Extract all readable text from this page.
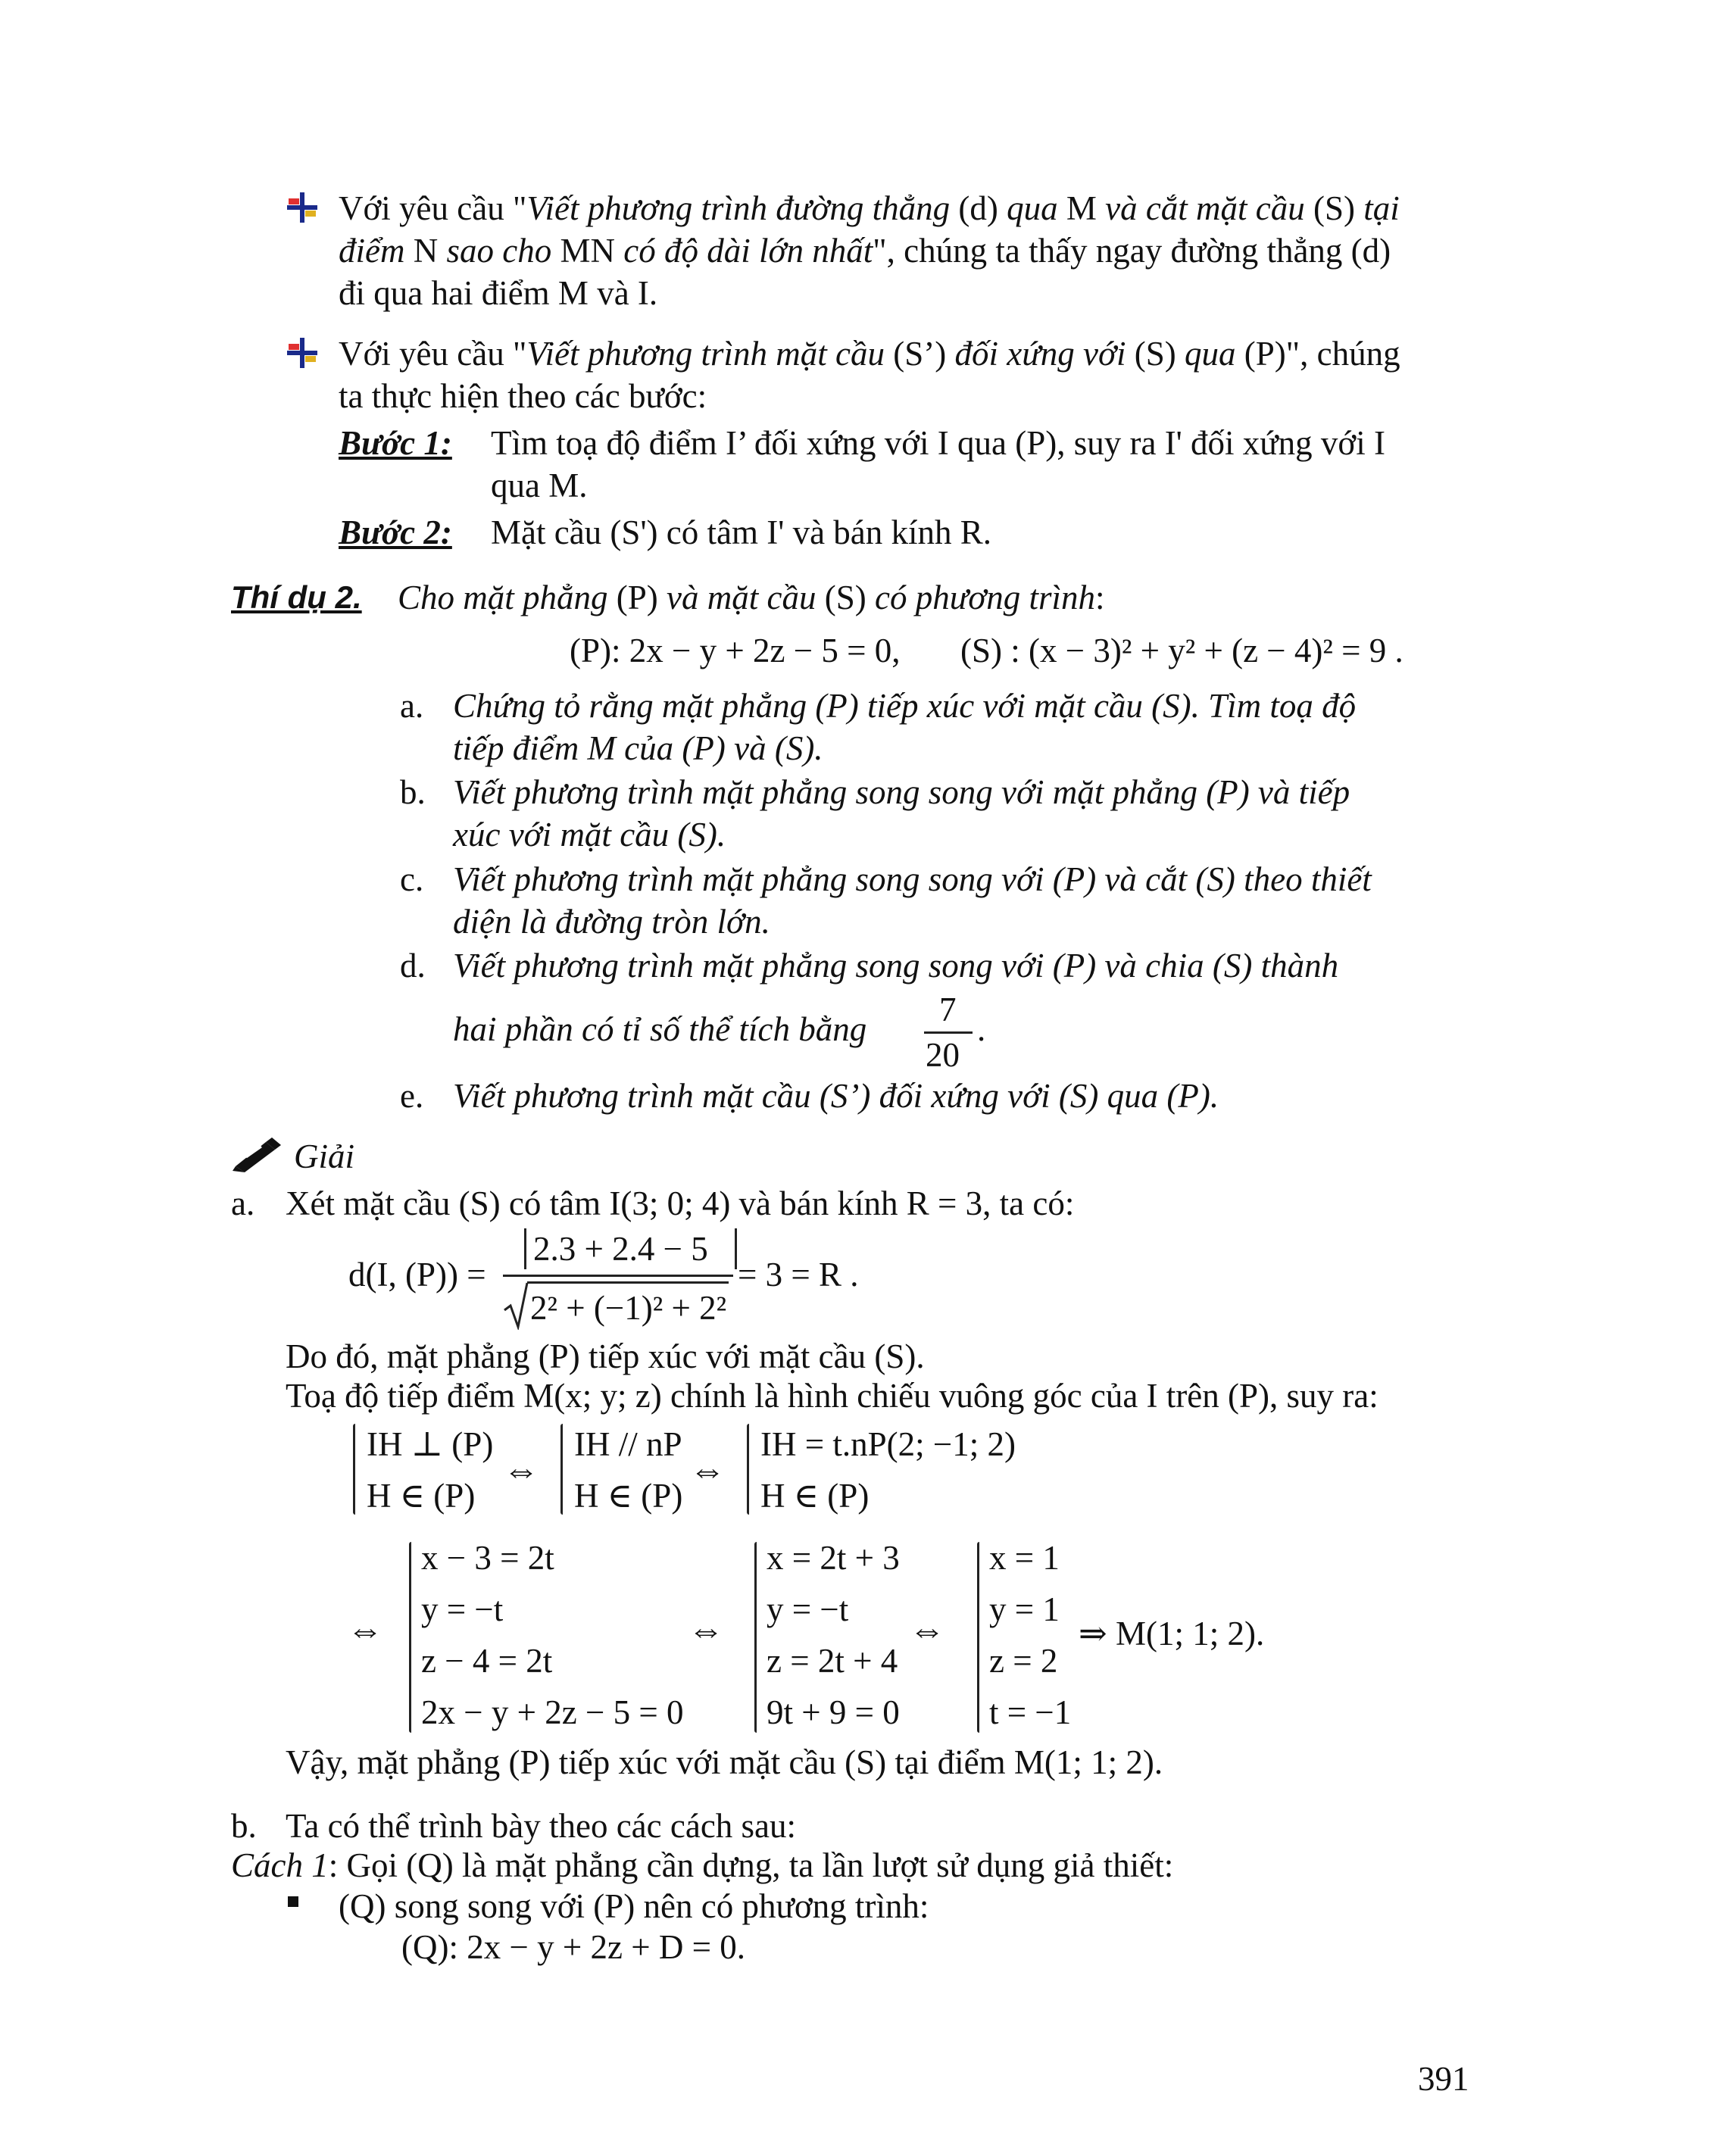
Với yêu cầu "Viết phương trình đường thẳng (d) qua M và cắt mặt cầu (S) tại
điểm N sao cho MN có độ dài lớn nhất", chúng ta thấy ngay đường thẳng (d)
đi qua hai điểm M và I.
Với yêu cầu "Viết phương trình mặt cầu (S’) đối xứng với (S) qua (P)", chúng
ta thực hiện theo các bước:
Bước 1: Tìm toạ độ điểm I’ đối xứng với I qua (P), suy ra I' đối xứng với I
qua M.
Bước 2: Mặt cầu (S') có tâm I' và bán kính R.
Thí dụ 2. Cho mặt phẳng (P) và mặt cầu (S) có phương trình:
(P): 2x − y + 2z − 5 = 0, (S) : (x − 3)² + y² + (z − 4)² = 9 .
a. Chứng tỏ rằng mặt phẳng (P) tiếp xúc với mặt cầu (S). Tìm toạ độ
tiếp điểm M của (P) và (S).
b. Viết phương trình mặt phẳng song song với mặt phẳng (P) và tiếp
xúc với mặt cầu (S).
c. Viết phương trình mặt phẳng song song với (P) và cắt (S) theo thiết
diện là đường tròn lớn.
d. Viết phương trình mặt phẳng song song với (P) và chia (S) thành
hai phần có tỉ số thể tích bằng
7
20
.
e. Viết phương trình mặt cầu (S’) đối xứng với (S) qua (P).
Giải
a. Xét mặt cầu (S) có tâm I(3; 0; 4) và bán kính R = 3, ta có:
d(I, (P)) =
2.3 + 2.4 − 5
2² + (−1)² + 2²
= 3 = R .
Do đó, mặt phẳng (P) tiếp xúc với mặt cầu (S).
Toạ độ tiếp điểm M(x; y; z) chính là hình chiếu vuông góc của I trên (P), suy ra:
IH ⊥ (P)
H ∈ (P)
⇔
IH // nP
H ∈ (P)
⇔
IH = t.nP(2; −1; 2)
H ∈ (P)
⇔
x − 3 = 2t
y = −t
z − 4 = 2t
2x − y + 2z − 5 = 0
⇔
x = 2t + 3
y = −t
z = 2t + 4
9t + 9 = 0
⇔
x = 1
y = 1
z = 2
t = −1
⇒ M(1; 1; 2).
Vậy, mặt phẳng (P) tiếp xúc với mặt cầu (S) tại điểm M(1; 1; 2).
b. Ta có thể trình bày theo các cách sau:
Cách 1: Gọi (Q) là mặt phẳng cần dựng, ta lần lượt sử dụng giả thiết:
(Q) song song với (P) nên có phương trình:
(Q): 2x − y + 2z + D = 0.
391
